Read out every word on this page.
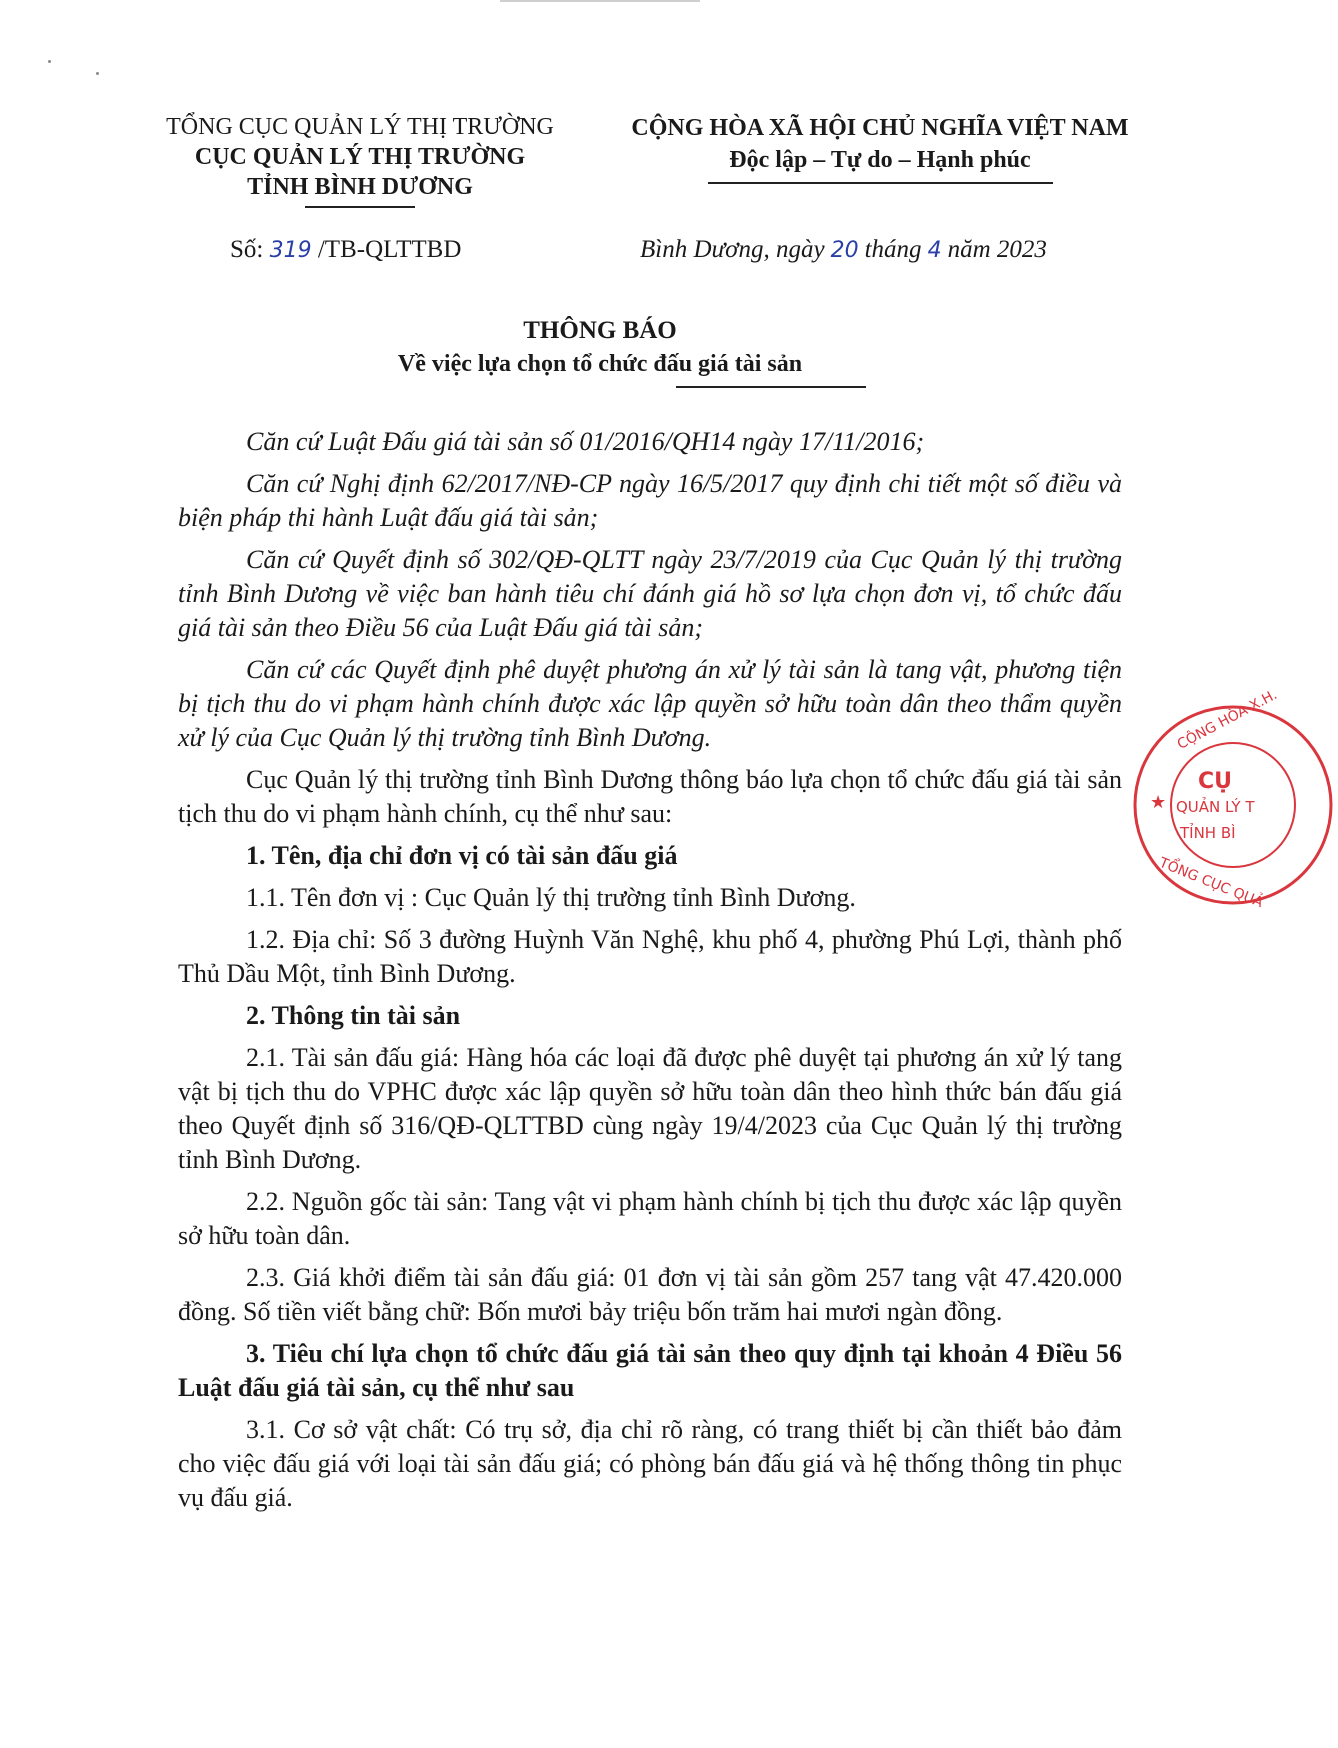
TỔNG CỤC QUẢN LÝ THỊ TRƯỜNG
CỤC QUẢN LÝ THỊ TRƯỜNG
TỈNH BÌNH DƯƠNG
CỘNG HÒA XÃ HỘI CHỦ NGHĨA VIỆT NAM
Độc lập – Tự do – Hạnh phúc
Số: 319 /TB-QLTTBD	Bình Dương, ngày 20 tháng 4 năm 2023
THÔNG BÁO
Về việc lựa chọn tổ chức đấu giá tài sản

Căn cứ Luật Đấu giá tài sản số 01/2016/QH14 ngày 17/11/2016;

Căn cứ Nghị định 62/2017/NĐ-CP ngày 16/5/2017 quy định chi tiết một số điều và biện pháp thi hành Luật đấu giá tài sản;

Căn cứ Quyết định số 302/QĐ-QLTT ngày 23/7/2019 của Cục Quản lý thị trường tỉnh Bình Dương về việc ban hành tiêu chí đánh giá hồ sơ lựa chọn đơn vị, tổ chức đấu giá tài sản theo Điều 56 của Luật Đấu giá tài sản;

Căn cứ các Quyết định phê duyệt phương án xử lý tài sản là tang vật, phương tiện bị tịch thu do vi phạm hành chính được xác lập quyền sở hữu toàn dân theo thẩm quyền xử lý của Cục Quản lý thị trường tỉnh Bình Dương.

Cục Quản lý thị trường tỉnh Bình Dương thông báo lựa chọn tổ chức đấu giá tài sản tịch thu do vi phạm hành chính, cụ thể như sau:

1. Tên, địa chỉ đơn vị có tài sản đấu giá

1.1. Tên đơn vị : Cục Quản lý thị trường tỉnh Bình Dương.

1.2. Địa chỉ: Số 3 đường Huỳnh Văn Nghệ, khu phố 4, phường Phú Lợi, thành phố Thủ Dầu Một, tỉnh Bình Dương.

2. Thông tin tài sản

2.1. Tài sản đấu giá: Hàng hóa các loại đã được phê duyệt tại phương án xử lý tang vật bị tịch thu do VPHC được xác lập quyền sở hữu toàn dân theo hình thức bán đấu giá theo Quyết định số 316/QĐ-QLTTBD cùng ngày 19/4/2023 của Cục Quản lý thị trường tỉnh Bình Dương.

2.2. Nguồn gốc tài sản: Tang vật vi phạm hành chính bị tịch thu được xác lập quyền sở hữu toàn dân.

2.3. Giá khởi điểm tài sản đấu giá: 01 đơn vị tài sản gồm 257 tang vật 47.420.000 đồng. Số tiền viết bằng chữ: Bốn mươi bảy triệu bốn trăm hai mươi ngàn đồng.

3. Tiêu chí lựa chọn tổ chức đấu giá tài sản theo quy định tại khoản 4 Điều 56 Luật đấu giá tài sản, cụ thể như sau

3.1. Cơ sở vật chất: Có trụ sở, địa chỉ rõ ràng, có trang thiết bị cần thiết bảo đảm cho việc đấu giá với loại tài sản đấu giá; có phòng bán đấu giá và hệ thống thông tin phục vụ đấu giá.

★
CỘNG HÒA X.H.
CỤ
QUẢN LÝ T
TỈNH BÌ
TỔNG CỤC QUẢ
